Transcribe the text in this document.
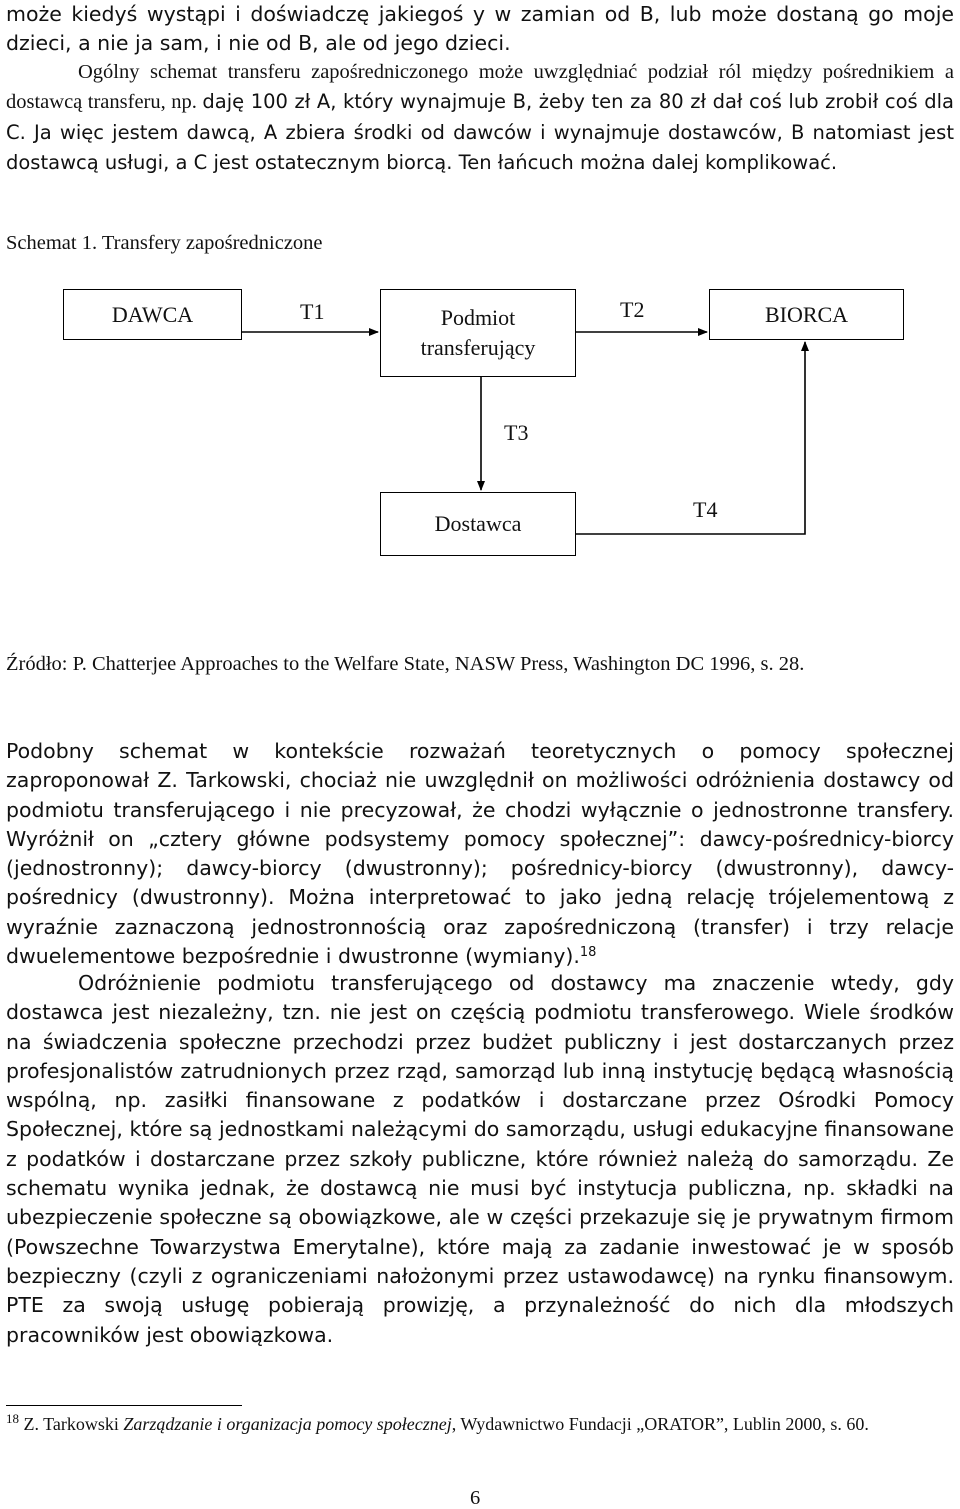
może kiedyś wystąpi i doświadczę jakiegoś y w zamian od B, lub może dostaną go moje dzieci, a nie ja sam, i nie od B, ale od jego dzieci.

Ogólny schemat transferu zapośredniczonego może uwzględniać podział ról między pośrednikiem a dostawcą transferu, np. daję 100 zł A, który wynajmuje B, żeby ten za 80 zł dał coś lub zrobił coś dla C. Ja więc jestem dawcą, A zbiera środki od dawców i wynajmuje dostawców, B natomiast jest dostawcą usługi, a C jest ostatecznym biorcą. Ten łańcuch można dalej komplikować.

Schemat 1. Transfery zapośredniczone

DAWCA	Podmiot
transferujący
BIORCA
Dostawca
T1	T2
T3
T4

Źródło: P. Chatterjee Approaches to the Welfare State, NASW Press, Washington DC 1996, s. 28.

Podobny schemat w kontekście rozważań teoretycznych o pomocy społecznej zaproponował Z. Tarkowski, chociaż nie uwzględnił on możliwości odróżnienia dostawcy od podmiotu transferującego i nie precyzował, że chodzi wyłącznie o jednostronne transfery. Wyróżnił on „cztery główne podsystemy pomocy społecznej”: dawcy-pośrednicy-biorcy (jednostronny); dawcy-biorcy (dwustronny); pośrednicy-biorcy (dwustronny), dawcy-pośrednicy (dwustronny). Można interpretować to jako jedną relację trójelementową z wyraźnie zaznaczoną jednostronnością oraz zapośredniczoną (transfer) i trzy relacje dwuelementowe bezpośrednie i dwustronne (wymiany).$^{18}$

Odróżnienie podmiotu transferującego od dostawcy ma znaczenie wtedy, gdy dostawca jest niezależny, tzn. nie jest on częścią podmiotu transferowego. Wiele środków na świadczenia społeczne przechodzi przez budżet publiczny i jest dostarczanych przez profesjonalistów zatrudnionych przez rząd, samorząd lub inną instytucję będącą własnością wspólną, np. zasiłki finansowane z podatków i dostarczane przez Ośrodki Pomocy Społecznej, które są jednostkami należącymi do samorządu, usługi edukacyjne finansowane z podatków i dostarczane przez szkoły publiczne, które również należą do samorządu. Ze schematu wynika jednak, że dostawcą nie musi być instytucja publiczna, np. składki na ubezpieczenie społeczne są obowiązkowe, ale w części przekazuje się je prywatnym firmom (Powszechne Towarzystwa Emerytalne), które mają za zadanie inwestować je w sposób bezpieczny (czyli z ograniczeniami nałożonymi przez ustawodawcę) na rynku finansowym. PTE za swoją usługę pobierają prowizję, a przynależność do nich dla młodszych pracowników jest obowiązkowa.

$^{18}$ Z. Tarkowski Zarządzanie i organizacja pomocy społecznej, Wydawnictwo Fundacji „ORATOR”, Lublin 2000, s. 60.

6
